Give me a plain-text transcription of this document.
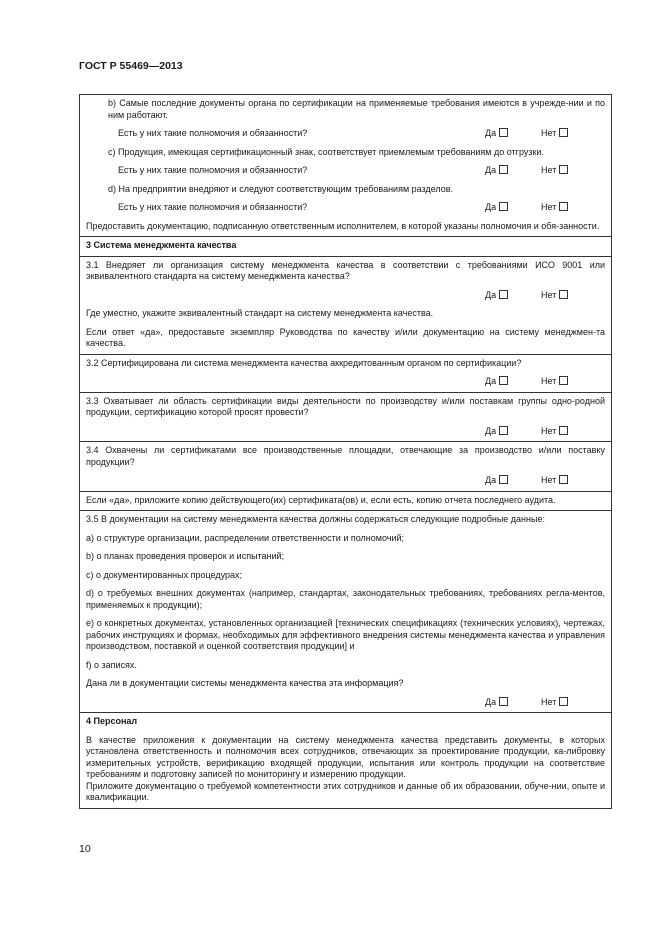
ГОСТ Р 55469—2013
b) Самые последние документы органа по сертификации на применяемые требования имеются в учрежде-нии и по ним работают.
Есть у них такие полномочия и обязанности?	Да	Нет
с) Продукция, имеющая сертификационный знак, соответствует приемлемым требованиям до отгрузки.
Есть у них такие полномочия и обязанности?	Да	Нет
d) На предприятии внедряют и следуют соответствующим требованиям разделов.
Есть у них такие полномочия и обязанности?	Да	Нет
Предоставить документацию, подписанную ответственным исполнителем, в которой указаны полномочия и обя-занности.
3 Система менеджмента качества
3.1 Внедряет ли организация систему менеджмента качества в соответствии с требованиями ИСО 9001 или эквивалентного стандарта на систему менеджмента качества?
Да	Нет
Где уместно, укажите эквивалентный стандарт на систему менеджмента качества.
Если ответ «да», предоставьте экземпляр Руководства по качеству и/или документацию на систему менеджмен-та качества.
3.2 Сертифицирована ли система менеджмента качества аккредитованным органом по сертификации?
Да	Нет
3.3 Охватывает ли область сертификации виды деятельности по производству и/или поставкам группы одно-родной продукции, сертификацию которой просят провести?
Да	Нет
3.4 Охвачены ли сертификатами все производственные площадки, отвечающие за производство и/или поставку продукции?
Да	Нет
Если «да», приложите копию действующего(их) сертификата(ов) и, если есть, копию отчета последнего аудита.
3.5 В документации на систему менеджмента качества должны содержаться следующие подробные данные:
а) о структуре организации, распределении ответственности и полномочий;
b) о планах проведения проверок и испытаний;
с) о документированных процедурах;
d) о требуемых внешних документах (например, стандартах, законодательных требованиях, требованиях регла-ментов, применяемых к продукции);
е) о конкретных документах, установленных организацией [технических спецификациях (технических условиях), чертежах, рабочих инструкциях и формах, необходимых для эффективного внедрения системы менеджмента качества и управления производством, поставкой и оценкой соответствия продукции] и
f) о записях.
Дана ли в документации системы менеджмента качества эта информация?
Да	Нет
4 Персонал
В качестве приложения к документации на систему менеджмента качества представить документы, в которых установлена ответственность и полномочия всех сотрудников, отвечающих за проектирование продукции, ка-либровку измерительных устройств, верификацию входящей продукции, испытания или контроль продукции на соответствие требованиям и подготовку записей по мониторингу и измерению продукции.
Приложите документацию о требуемой компетентности этих сотрудников и данные об их образовании, обуче-нии, опыте и квалификации.
10
